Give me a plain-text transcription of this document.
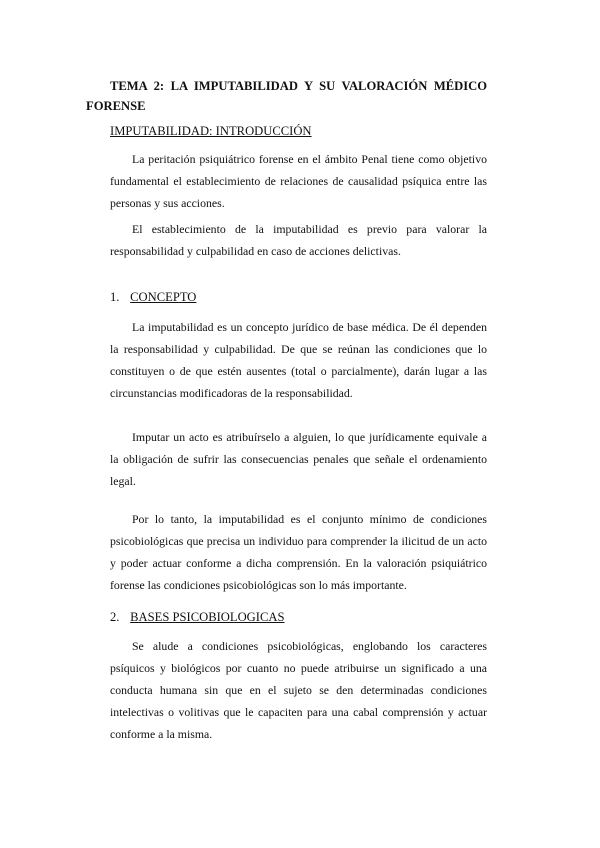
TEMA 2: LA IMPUTABILIDAD Y SU VALORACIÓN MÉDICO FORENSE
IMPUTABILIDAD: INTRODUCCIÓN

La peritación psiquiátrico forense en el ámbito Penal tiene como objetivo fundamental el establecimiento de relaciones de causalidad psíquica entre las personas y sus acciones.

El establecimiento de la imputabilidad es previo para valorar la responsabilidad y culpabilidad en caso de acciones delictivas.

1. CONCEPTO

La imputabilidad es un concepto jurídico de base médica. De él dependen la responsabilidad y culpabilidad. De que se reúnan las condiciones que lo constituyen o de que estén ausentes (total o parcialmente), darán lugar a las circunstancias modificadoras de la responsabilidad.

Imputar un acto es atribuírselo a alguien, lo que jurídicamente equivale a la obligación de sufrir las consecuencias penales que señale el ordenamiento legal.

Por lo tanto, la imputabilidad es el conjunto mínimo de condiciones psicobiológicas que precisa un individuo para comprender la ilicitud de un acto y poder actuar conforme a dicha comprensión. En la valoración psiquiátrico forense las condiciones psicobiológicas son lo más importante.

2. BASES PSICOBIOLOGICAS

Se alude a condiciones psicobiológicas, englobando los caracteres psíquicos y biológicos por cuanto no puede atribuirse un significado a una conducta humana sin que en el sujeto se den determinadas condiciones intelectivas o volitivas que le capaciten para una cabal comprensión y actuar conforme a la misma.
